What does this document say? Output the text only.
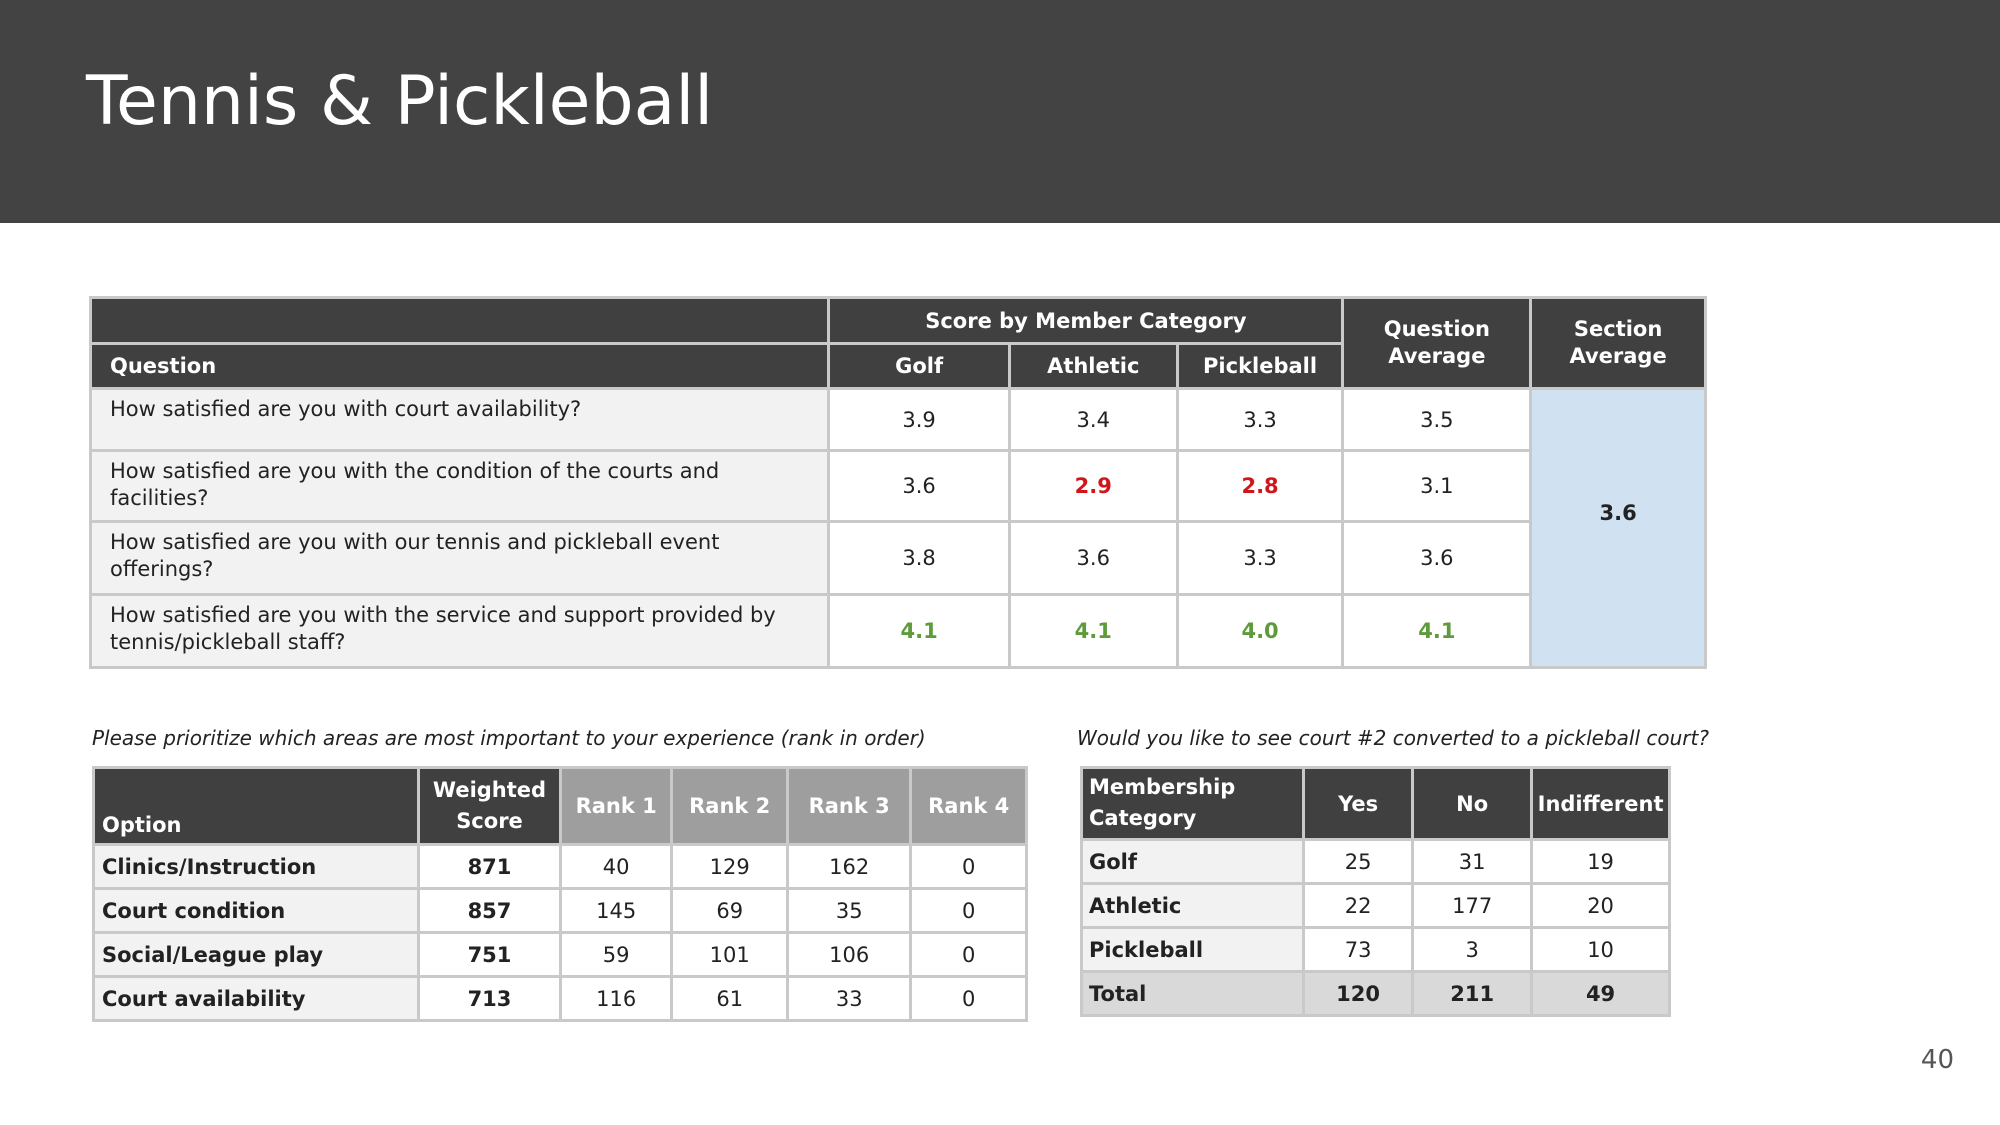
Tennis & Pickleball
	Score by Member Category			Question Average	Section Average
Question	Golf	Athletic	Pickleball		
How satisfied are you with court availability?	3.9	3.4	3.3	3.5	3.6
How satisfied are you with the condition of the courts and facilities?	3.6	2.9	2.8	3.1	
How satisfied are you with our tennis and pickleball event offerings?	3.8	3.6	3.3	3.6	
How satisfied are you with the service and support provided by tennis/pickleball staff?	4.1	4.1	4.0	4.1	
Please prioritize which areas are most important to your experience (rank in order)
Option	Weighted Score	Rank 1	Rank 2	Rank 3	Rank 4
Clinics/Instruction	871	40	129	162	0
Court condition	857	145	69	35	0
Social/League play	751	59	101	106	0
Court availability	713	116	61	33	0
Would you like to see court #2 converted to a pickleball court?
Membership Category	Yes	No	Indifferent
Golf	25	31	19
Athletic	22	177	20
Pickleball	73	3	10
Total	120	211	49
40
